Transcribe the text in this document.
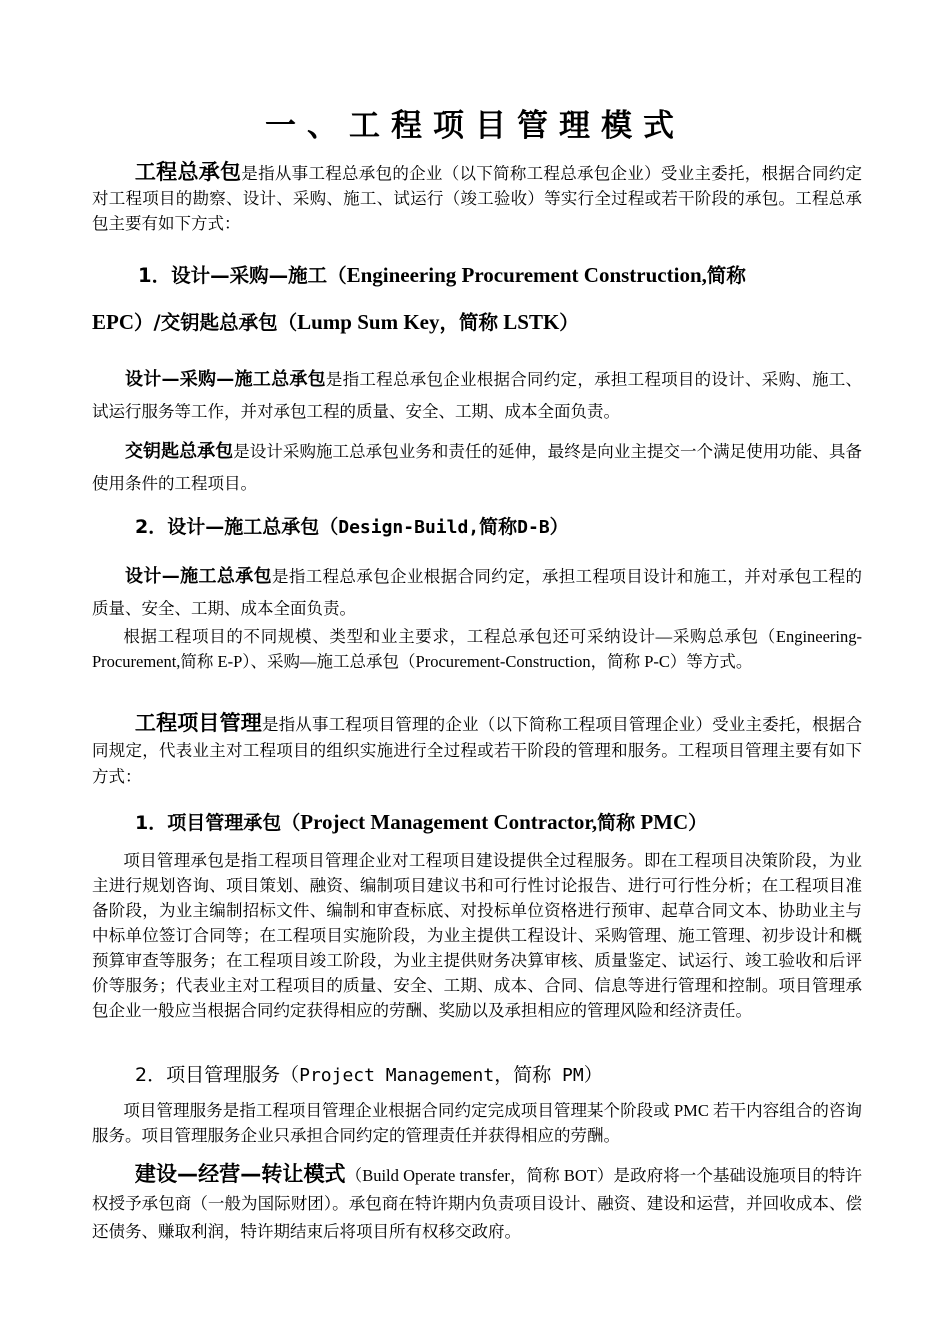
一、工程项目管理模式
工程总承包是指从事工程总承包的企业（以下简称工程总承包企业）受业主委托，根据合同约定对工程项目的勘察、设计、采购、施工、试运行（竣工验收）等实行全过程或若干阶段的承包。工程总承包主要有如下方式：
1．设计—采购—施工（Engineering Procurement Construction,简称
EPC）/交钥匙总承包（Lump Sum Key，简称 LSTK）
设计—采购—施工总承包是指工程总承包企业根据合同约定，承担工程项目的设计、采购、施工、试运行服务等工作，并对承包工程的质量、安全、工期、成本全面负责。
交钥匙总承包是设计采购施工总承包业务和责任的延伸，最终是向业主提交一个满足使用功能、具备使用条件的工程项目。
2．设计—施工总承包（Design-Build,简称D-B）
设计—施工总承包是指工程总承包企业根据合同约定，承担工程项目设计和施工，并对承包工程的质量、安全、工期、成本全面负责。
根据工程项目的不同规模、类型和业主要求，工程总承包还可采纳设计—采购总承包（Engineering-Procurement,简称 E-P）、采购—施工总承包（Procurement-Construction，简称 P-C）等方式。
工程项目管理是指从事工程项目管理的企业（以下简称工程项目管理企业）受业主委托，根据合同规定，代表业主对工程项目的组织实施进行全过程或若干阶段的管理和服务。工程项目管理主要有如下方式：
1．项目管理承包（Project Management Contractor,简称 PMC）
项目管理承包是指工程项目管理企业对工程项目建设提供全过程服务。即在工程项目决策阶段，为业主进行规划咨询、项目策划、融资、编制项目建议书和可行性讨论报告、进行可行性分析；在工程项目准备阶段，为业主编制招标文件、编制和审查标底、对投标单位资格进行预审、起草合同文本、协助业主与中标单位签订合同等；在工程项目实施阶段，为业主提供工程设计、采购管理、施工管理、初步设计和概预算审查等服务；在工程项目竣工阶段，为业主提供财务决算审核、质量鉴定、试运行、竣工验收和后评价等服务；代表业主对工程项目的质量、安全、工期、成本、合同、信息等进行管理和控制。项目管理承包企业一般应当根据合同约定获得相应的劳酬、奖励以及承担相应的管理风险和经济责任。
2．项目管理服务（Project Management，简称 PM）
项目管理服务是指工程项目管理企业根据合同约定完成项目管理某个阶段或 PMC 若干内容组合的咨询服务。项目管理服务企业只承担合同约定的管理责任并获得相应的劳酬。
建设—经营—转让模式（Build Operate transfer，简称 BOT）是政府将一个基础设施项目的特许权授予承包商（一般为国际财团）。承包商在特许期内负责项目设计、融资、建设和运营，并回收成本、偿还债务、赚取利润，特许期结束后将项目所有权移交政府。
